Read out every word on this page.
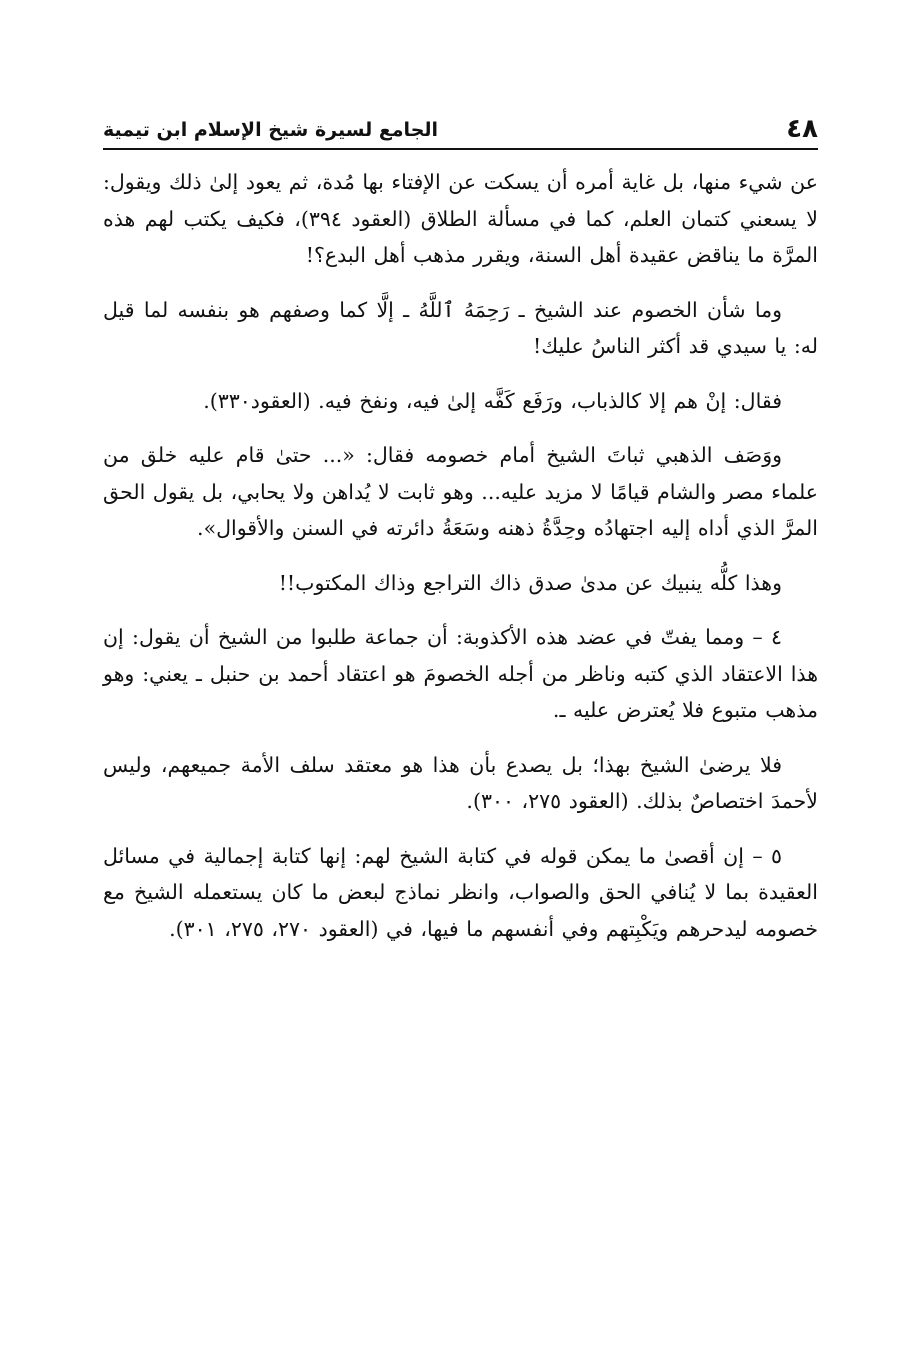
٤٨
الجامع لسيرة شيخ الإسلام ابن تيمية

عن شيء منها، بل غاية أمره أن يسكت عن الإفتاء بها مُدة، ثم يعود إلىٰ ذلك ويقول: لا يسعني كتمان العلم، كما في مسألة الطلاق (العقود ٣٩٤)، فكيف يكتب لهم هذه المرَّة ما يناقض عقيدة أهل السنة، ويقرر مذهب أهل البدع؟!

وما شأن الخصوم عند الشيخ ـ رَحِمَهُ ٱللَّهُ ـ إلَّا كما وصفهم هو بنفسه لما قيل له: يا سيدي قد أكثر الناسُ عليك!

فقال: إنْ هم إلا كالذباب، ورَفَع كَفَّه إلىٰ فيه، ونفخ فيه. (العقود٣٣٠).

ووَصَف الذهبي ثباتَ الشيخ أمام خصومه فقال: «... حتىٰ قام عليه خلق من علماء مصر والشام قيامًا لا مزيد عليه... وهو ثابت لا يُداهن ولا يحابي، بل يقول الحق المرَّ الذي أداه إليه اجتهادُه وحِدَّةُ ذهنه وسَعَةُ دائرته في السنن والأقوال».

وهذا كلُّه ينبيك عن مدىٰ صدق ذاك التراجع وذاك المكتوب!!

٤ – ومما يفتّ في عضد هذه الأكذوبة: أن جماعة طلبوا من الشيخ أن يقول: إن هذا الاعتقاد الذي كتبه وناظر من أجله الخصومَ هو اعتقاد أحمد بن حنبل ـ يعني: وهو مذهب متبوع فلا يُعترض عليه ـ.

فلا يرضىٰ الشيخ بهذا؛ بل يصدع بأن هذا هو معتقد سلف الأمة جميعهم، وليس لأحمدَ اختصاصٌ بذلك. (العقود ٢٧٥، ٣٠٠).

٥ – إن أقصىٰ ما يمكن قوله في كتابة الشيخ لهم: إنها كتابة إجمالية في مسائل العقيدة بما لا يُنافي الحق والصواب، وانظر نماذج لبعض ما كان يستعمله الشيخ مع خصومه ليدحرهم ويَكْبِتهم وفي أنفسهم ما فيها، في (العقود ٢٧٠، ٢٧٥، ٣٠١).
